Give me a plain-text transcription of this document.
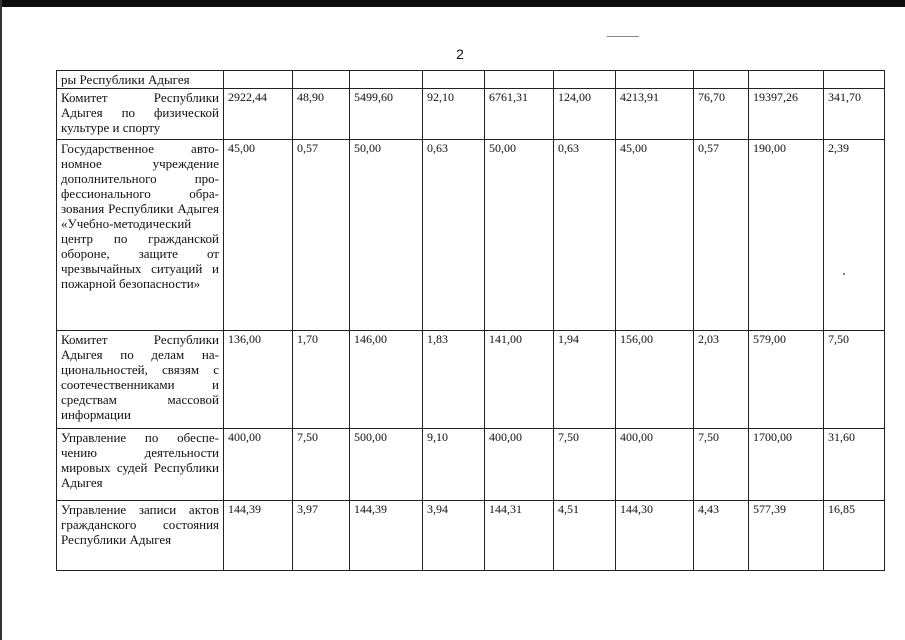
2
ры Республики Адыгея										
Комитет Республики Адыгея по физической культуре и спорту	2922,44	48,90	5499,60	92,10	6761,31	124,00	4213,91	76,70	19397,26	341,70
Государственное автономное учреждение дополнительного профессионального образования Республики Адыгея «Учебно-методический центр по гражданской обороне, защите от чрезвычайных ситуаций и пожарной безопасности»	45,00	0,57	50,00	0,63	50,00	0,63	45,00	0,57	190,00	2,39
Комитет Республики Адыгея по делам национальностей, связям с соотечественниками и средствам массовой информации	136,00	1,70	146,00	1,83	141,00	1,94	156,00	2,03	579,00	7,50
Управление по обеспечению деятельности мировых судей Республики Адыгея	400,00	7,50	500,00	9,10	400,00	7,50	400,00	7,50	1700,00	31,60
Управление записи актов гражданского состояния Республики Адыгея	144,39	3,97	144,39	3,94	144,31	4,51	144,30	4,43	577,39	16,85
